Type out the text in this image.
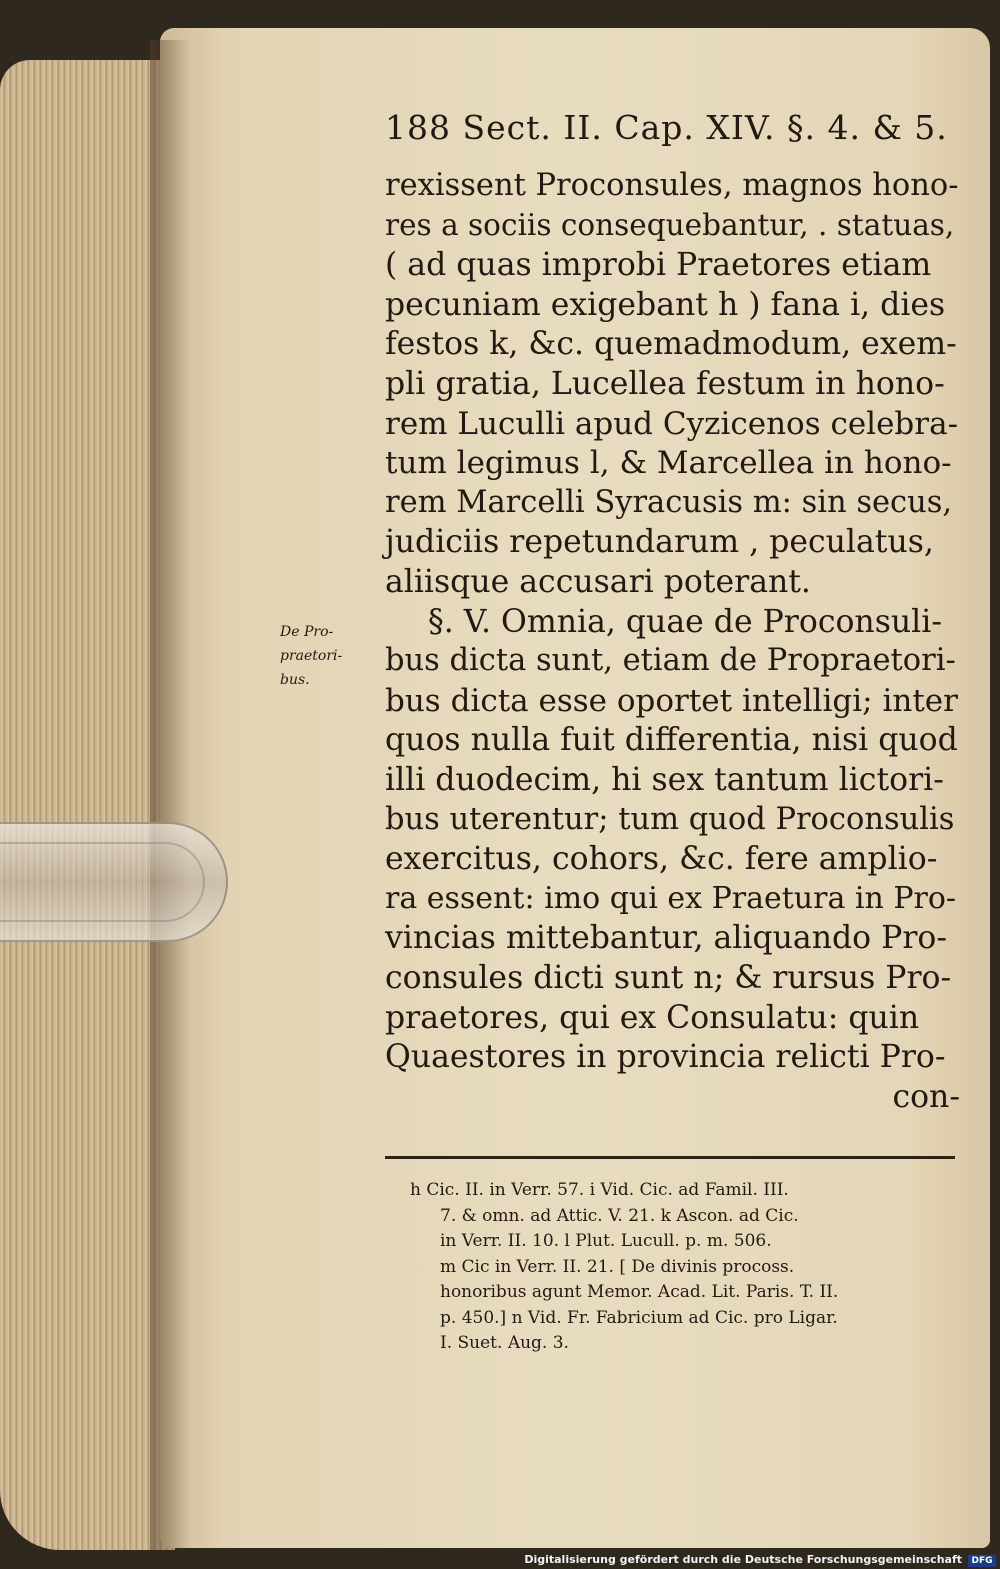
188 Sect. II. Cap. XIV. §. 4. & 5.
rexissent Proconsules, magnos hono-
res a sociis consequebantur, . statuas,
( ad quas improbi Praetores etiam
pecuniam exigebant h ) fana i, dies
festos k, &c. quemadmodum, exem-
pli gratia, Lucellea festum in hono-
rem Luculli apud Cyzicenos celebra-
tum legimus l, & Marcellea in hono-
rem Marcelli Syracusis m: sin secus,
judiciis repetundarum , peculatus,
aliisque accusari poterant.
§. V. Omnia, quae de Proconsuli-
bus dicta sunt, etiam de Propraetori-
bus dicta esse oportet intelligi; inter
quos nulla fuit differentia, nisi quod
illi duodecim, hi sex tantum lictori-
bus uterentur; tum quod Proconsulis
exercitus, cohors, &c. fere amplio-
ra essent: imo qui ex Praetura in Pro-
vincias mittebantur, aliquando Pro-
consules dicti sunt n; & rursus Pro-
praetores, qui ex Consulatu: quin
Quaestores in provincia relicti Pro-
con-
De Pro-
praetori-
bus.
h Cic. II. in Verr. 57. i Vid. Cic. ad Famil. III.
7. & omn. ad Attic. V. 21. k Ascon. ad Cic.
in Verr. II. 10. l Plut. Lucull. p. m. 506.
m Cic in Verr. II. 21. [ De divinis procoss.
honoribus agunt Memor. Acad. Lit. Paris. T. II.
p. 450.] n Vid. Fr. Fabricium ad Cic. pro Ligar.
I. Suet. Aug. 3.
Digitalisierung gefördert durch die Deutsche Forschungsgemeinschaft	DFG
